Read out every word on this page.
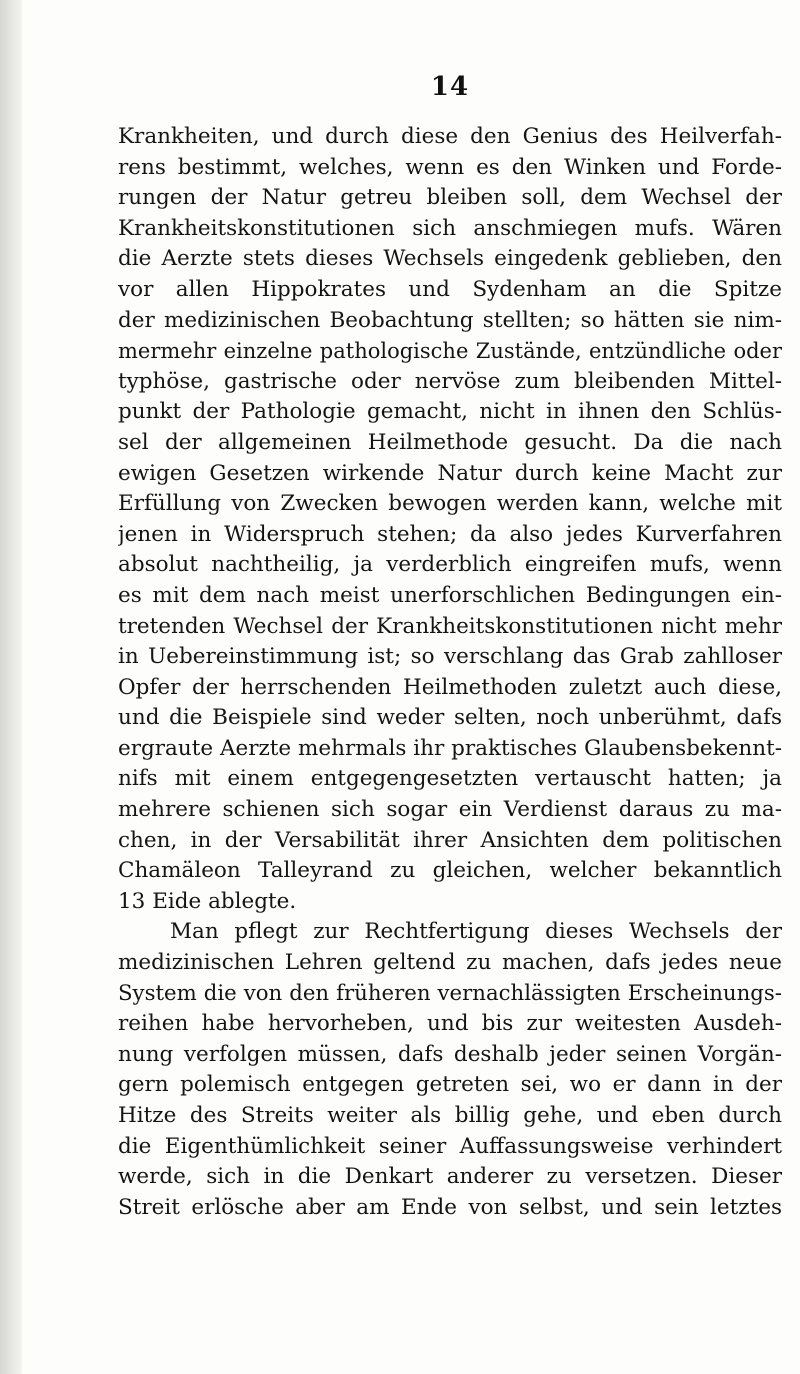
14
Krankheiten, und durch diese den Genius des Heilverfah-
rens bestimmt, welches, wenn es den Winken und Forde-
rungen der Natur getreu bleiben soll, dem Wechsel der
Krankheitskonstitutionen sich anschmiegen mufs. Wären
die Aerzte stets dieses Wechsels eingedenk geblieben, den
vor allen Hippokrates und Sydenham an die Spitze
der medizinischen Beobachtung stellten; so hätten sie nim-
mermehr einzelne pathologische Zustände, entzündliche oder
typhöse, gastrische oder nervöse zum bleibenden Mittel-
punkt der Pathologie gemacht, nicht in ihnen den Schlüs-
sel der allgemeinen Heilmethode gesucht. Da die nach
ewigen Gesetzen wirkende Natur durch keine Macht zur
Erfüllung von Zwecken bewogen werden kann, welche mit
jenen in Widerspruch stehen; da also jedes Kurverfahren
absolut nachtheilig, ja verderblich eingreifen mufs, wenn
es mit dem nach meist unerforschlichen Bedingungen ein-
tretenden Wechsel der Krankheitskonstitutionen nicht mehr
in Uebereinstimmung ist; so verschlang das Grab zahlloser
Opfer der herrschenden Heilmethoden zuletzt auch diese,
und die Beispiele sind weder selten, noch unberühmt, dafs
ergraute Aerzte mehrmals ihr praktisches Glaubensbekennt-
nifs mit einem entgegengesetzten vertauscht hatten; ja
mehrere schienen sich sogar ein Verdienst daraus zu ma-
chen, in der Versabilität ihrer Ansichten dem politischen
Chamäleon Talleyrand zu gleichen, welcher bekanntlich
13 Eide ablegte.
Man pflegt zur Rechtfertigung dieses Wechsels der
medizinischen Lehren geltend zu machen, dafs jedes neue
System die von den früheren vernachlässigten Erscheinungs-
reihen habe hervorheben, und bis zur weitesten Ausdeh-
nung verfolgen müssen, dafs deshalb jeder seinen Vorgän-
gern polemisch entgegen getreten sei, wo er dann in der
Hitze des Streits weiter als billig gehe, und eben durch
die Eigenthümlichkeit seiner Auffassungsweise verhindert
werde, sich in die Denkart anderer zu versetzen. Dieser
Streit erlösche aber am Ende von selbst, und sein letztes
